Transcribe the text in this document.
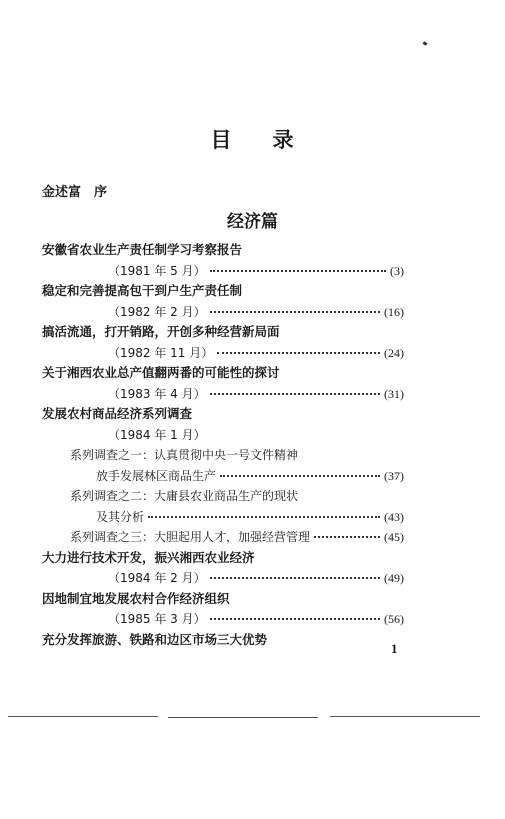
目 录
金述富　序
经济篇
安徽省农业生产责任制学习考察报告
（1981 年 5 月）	(3)
稳定和完善提高包干到户生产责任制
（1982 年 2 月）	(16)
搞活流通，打开销路，开创多种经营新局面
（1982 年 11 月）	(24)
关于湘西农业总产值翻两番的可能性的探讨
（1983 年 4 月）	(31)
发展农村商品经济系列调查
（1984 年 1 月）
系列调查之一：认真贯彻中央一号文件精神
放手发展林区商品生产	(37)
系列调查之二：大庸县农业商品生产的现状
及其分析	(43)
系列调查之三：大胆起用人才，加强经营管理	(45)
大力进行技术开发，振兴湘西农业经济
（1984 年 2 月）	(49)
因地制宜地发展农村合作经济组织
（1985 年 3 月）	(56)
充分发挥旅游、铁路和边区市场三大优势
1
